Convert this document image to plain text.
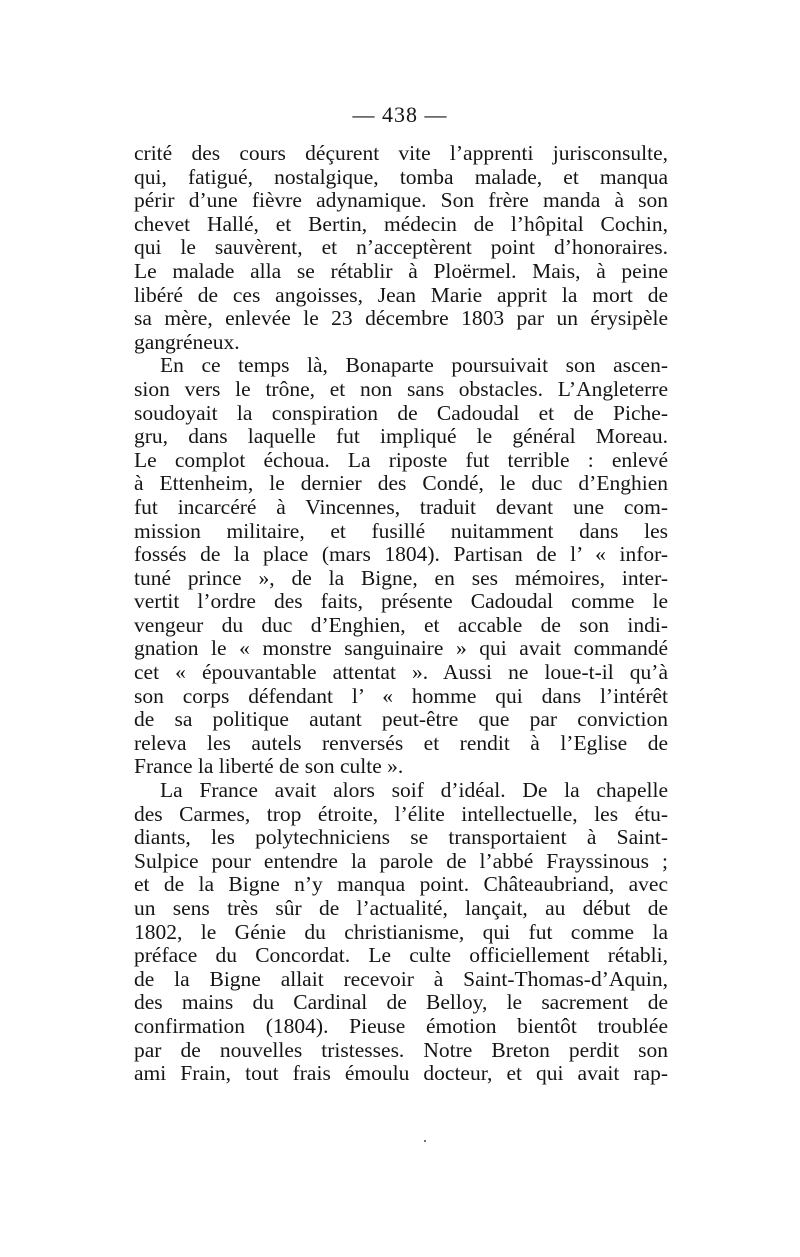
— 438 —
crité des cours déçurent vite l’apprenti jurisconsulte,
qui, fatigué, nostalgique, tomba malade, et manqua
périr d’une fièvre adynamique. Son frère manda à son
chevet Hallé, et Bertin, médecin de l’hôpital Cochin,
qui le sauvèrent, et n’acceptèrent point d’honoraires.
Le malade alla se rétablir à Ploërmel. Mais, à peine
libéré de ces angoisses, Jean Marie apprit la mort de
sa mère, enlevée le 23 décembre 1803 par un érysipèle
gangréneux.
En ce temps là, Bonaparte poursuivait son ascen-
sion vers le trône, et non sans obstacles. L’Angleterre
soudoyait la conspiration de Cadoudal et de Piche-
gru, dans laquelle fut impliqué le général Moreau.
Le complot échoua. La riposte fut terrible : enlevé
à Ettenheim, le dernier des Condé, le duc d’Enghien
fut incarcéré à Vincennes, traduit devant une com-
mission militaire, et fusillé nuitamment dans les
fossés de la place (mars 1804). Partisan de l’ « infor-
tuné prince », de la Bigne, en ses mémoires, inter-
vertit l’ordre des faits, présente Cadoudal comme le
vengeur du duc d’Enghien, et accable de son indi-
gnation le « monstre sanguinaire » qui avait commandé
cet « épouvantable attentat ». Aussi ne loue-t-il qu’à
son corps défendant l’ « homme qui dans l’intérêt
de sa politique autant peut-être que par conviction
releva les autels renversés et rendit à l’Eglise de
France la liberté de son culte ».
La France avait alors soif d’idéal. De la chapelle
des Carmes, trop étroite, l’élite intellectuelle, les étu-
diants, les polytechniciens se transportaient à Saint-
Sulpice pour entendre la parole de l’abbé Frayssinous ;
et de la Bigne n’y manqua point. Châteaubriand, avec
un sens très sûr de l’actualité, lançait, au début de
1802, le Génie du christianisme, qui fut comme la
préface du Concordat. Le culte officiellement rétabli,
de la Bigne allait recevoir à Saint-Thomas-d’Aquin,
des mains du Cardinal de Belloy, le sacrement de
confirmation (1804). Pieuse émotion bientôt troublée
par de nouvelles tristesses. Notre Breton perdit son
ami Frain, tout frais émoulu docteur, et qui avait rap-
